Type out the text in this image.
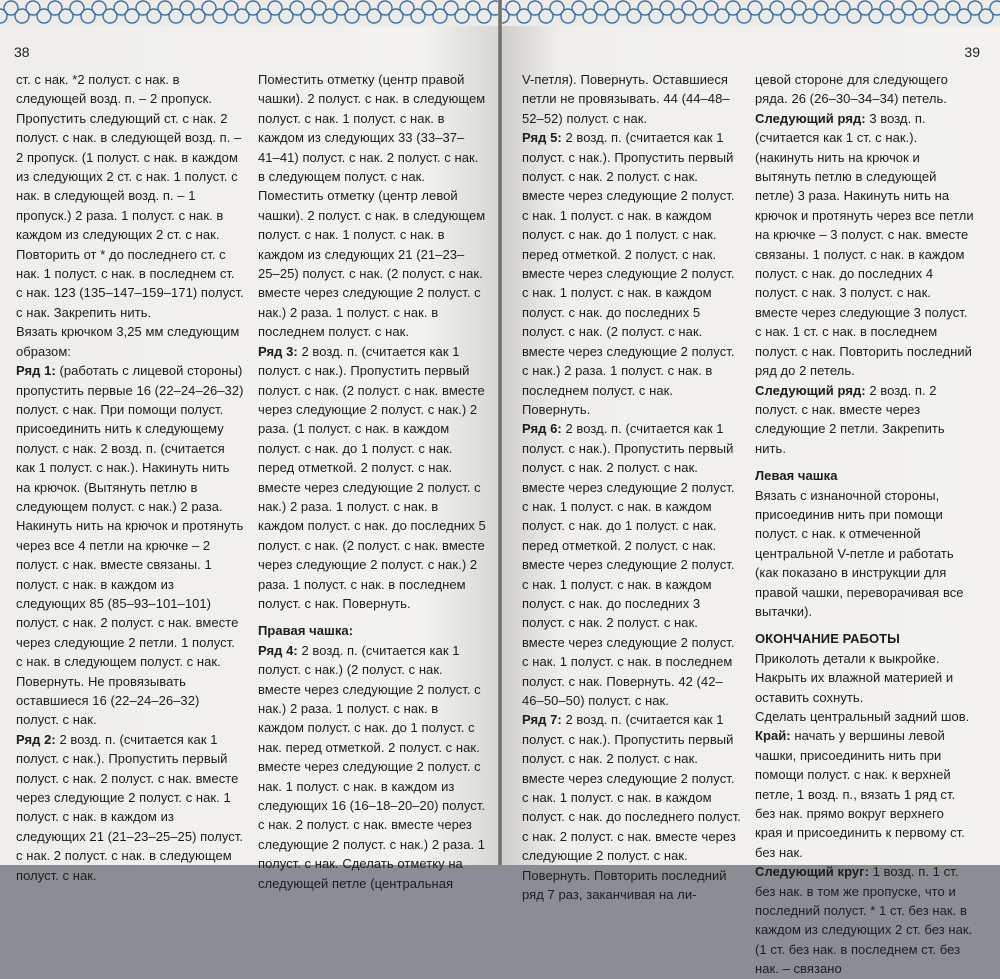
38

ст. с нак. *2 полуст. с нак. в следующей возд. п. – 2 пропуск. Пропустить следующий ст. с нак. 2 полуст. с нак. в следующей возд. п. – 2 пропуск. (1 полуст. с нак. в каждом из следующих 2 ст. с нак. 1 полуст. с нак. в следующей возд. п. – 1 пропуск.) 2 раза. 1 полуст. с нак. в каждом из следующих 2 ст. с нак. Повторить от * до последнего ст. с нак. 1 полуст. с нак. в последнем ст. с нак. 123 (135–147–159–171) полуст. с нак. Закрепить нить.

Вязать крючком 3,25 мм следующим образом:

Ряд 1: (работать с лицевой стороны) пропустить первые 16 (22–24–26–32) полуст. с нак. При помощи полуст. присоединить нить к следующему полуст. с нак. 2 возд. п. (считается как 1 полуст. с нак.). Накинуть нить на крючок. (Вытянуть петлю в следующем полуст. с нак.) 2 раза. Накинуть нить на крючок и протянуть через все 4 петли на крючке – 2 полуст. с нак. вместе связаны. 1 полуст. с нак. в каждом из следующих 85 (85–93–101–101) полуст. с нак. 2 полуст. с нак. вместе через следующие 2 петли. 1 полуст. с нак. в следующем полуст. с нак. Повернуть. Не провязывать оставшиеся 16 (22–24–26–32) полуст. с нак.

Ряд 2: 2 возд. п. (считается как 1 полуст. с нак.). Пропустить первый полуст. с нак. 2 полуст. с нак. вместе через следующие 2 полуст. с нак. 1 полуст. с нак. в каждом из следующих 21 (21–23–25–25) полуст. с нак. 2 полуст. с нак. в следующем полуст. с нак.

Поместить отметку (центр правой чашки). 2 полуст. с нак. в следующем полуст. с нак. 1 полуст. с нак. в каждом из следующих 33 (33–37–41–41) полуст. с нак. 2 полуст. с нак. в следующем полуст. с нак. Поместить отметку (центр левой чашки). 2 полуст. с нак. в следующем полуст. с нак. 1 полуст. с нак. в каждом из следующих 21 (21–23–25–25) полуст. с нак. (2 полуст. с нак. вместе через следующие 2 полуст. с нак.) 2 раза. 1 полуст. с нак. в последнем полуст. с нак.

Ряд 3: 2 возд. п. (считается как 1 полуст. с нак.). Пропустить первый полуст. с нак. (2 полуст. с нак. вместе через следующие 2 полуст. с нак.) 2 раза. (1 полуст. с нак. в каждом полуст. с нак. до 1 полуст. с нак. перед отметкой. 2 полуст. с нак. вместе через следующие 2 полуст. с нак.) 2 раза. 1 полуст. с нак. в каждом полуст. с нак. до последних 5 полуст. с нак. (2 полуст. с нак. вместе через следующие 2 полуст. с нак.) 2 раза. 1 полуст. с нак. в последнем полуст. с нак. Повернуть.

Правая чашка:

Ряд 4: 2 возд. п. (считается как 1 полуст. с нак.) (2 полуст. с нак. вместе через следующие 2 полуст. с нак.) 2 раза. 1 полуст. с нак. в каждом полуст. с нак. до 1 полуст. с нак. перед отметкой. 2 полуст. с нак. вместе через следующие 2 полуст. с нак. 1 полуст. с нак. в каждом из следующих 16 (16–18–20–20) полуст. с нак. 2 полуст. с нак. вместе через следующие 2 полуст. с нак.) 2 раза. 1 полуст. с нак. Сделать отметку на следующей петле (центральная

39

V-петля). Повернуть. Оставшиеся петли не провязывать. 44 (44–48–52–52) полуст. с нак.

Ряд 5: 2 возд. п. (считается как 1 полуст. с нак.). Пропустить первый полуст. с нак. 2 полуст. с нак. вместе через следующие 2 полуст. с нак. 1 полуст. с нак. в каждом полуст. с нак. до 1 полуст. с нак. перед отметкой. 2 полуст. с нак. вместе через следующие 2 полуст. с нак. 1 полуст. с нак. в каждом полуст. с нак. до последних 5 полуст. с нак. (2 полуст. с нак. вместе через следующие 2 полуст. с нак.) 2 раза. 1 полуст. с нак. в последнем полуст. с нак. Повернуть.

Ряд 6: 2 возд. п. (считается как 1 полуст. с нак.). Пропустить первый полуст. с нак. 2 полуст. с нак. вместе через следующие 2 полуст. с нак. 1 полуст. с нак. в каждом полуст. с нак. до 1 полуст. с нак. перед отметкой. 2 полуст. с нак. вместе через следующие 2 полуст. с нак. 1 полуст. с нак. в каждом полуст. с нак. до последних 3 полуст. с нак. 2 полуст. с нак. вместе через следующие 2 полуст. с нак. 1 полуст. с нак. в последнем полуст. с нак. Повернуть. 42 (42–46–50–50) полуст. с нак.

Ряд 7: 2 возд. п. (считается как 1 полуст. с нак.). Пропустить первый полуст. с нак. 2 полуст. с нак. вместе через следующие 2 полуст. с нак. 1 полуст. с нак. в каждом полуст. с нак. до последнего полуст. с нак. 2 полуст. с нак. вместе через следующие 2 полуст. с нак. Повернуть. Повторить последний ряд 7 раз, заканчивая на ли-

цевой стороне для следующего ряда. 26 (26–30–34–34) петель.

Следующий ряд: 3 возд. п. (считается как 1 ст. с нак.). (накинуть нить на крючок и вытянуть петлю в следующей петле) 3 раза. Накинуть нить на крючок и протянуть через все петли на крючке – 3 полуст. с нак. вместе связаны. 1 полуст. с нак. в каждом полуст. с нак. до последних 4 полуст. с нак. 3 полуст. с нак. вместе через следующие 3 полуст. с нак. 1 ст. с нак. в последнем полуст. с нак. Повторить последний ряд до 2 петель.

Следующий ряд: 2 возд. п. 2 полуст. с нак. вместе через следующие 2 петли. Закрепить нить.

Левая чашка

Вязать с изнаночной стороны, присоединив нить при помощи полуст. с нак. к отмеченной центральной V-петле и работать (как показано в инструкции для правой чашки, переворачивая все вытачки).

ОКОНЧАНИЕ РАБОТЫ

Приколоть детали к выкройке. Накрыть их влажной материей и оставить сохнуть.

Сделать центральный задний шов.

Край: начать у вершины левой чашки, присоединить нить при помощи полуст. с нак. к верхней петле, 1 возд. п., вязать 1 ряд ст. без нак. прямо вокруг верхнего края и присоединить к первому ст. без нак.

Следующий круг: 1 возд. п. 1 ст. без нак. в том же пропуске, что и последний полуст. * 1 ст. без нак. в каждом из следующих 2 ст. без нак. (1 ст. без нак. в последнем ст. без нак. – связано
